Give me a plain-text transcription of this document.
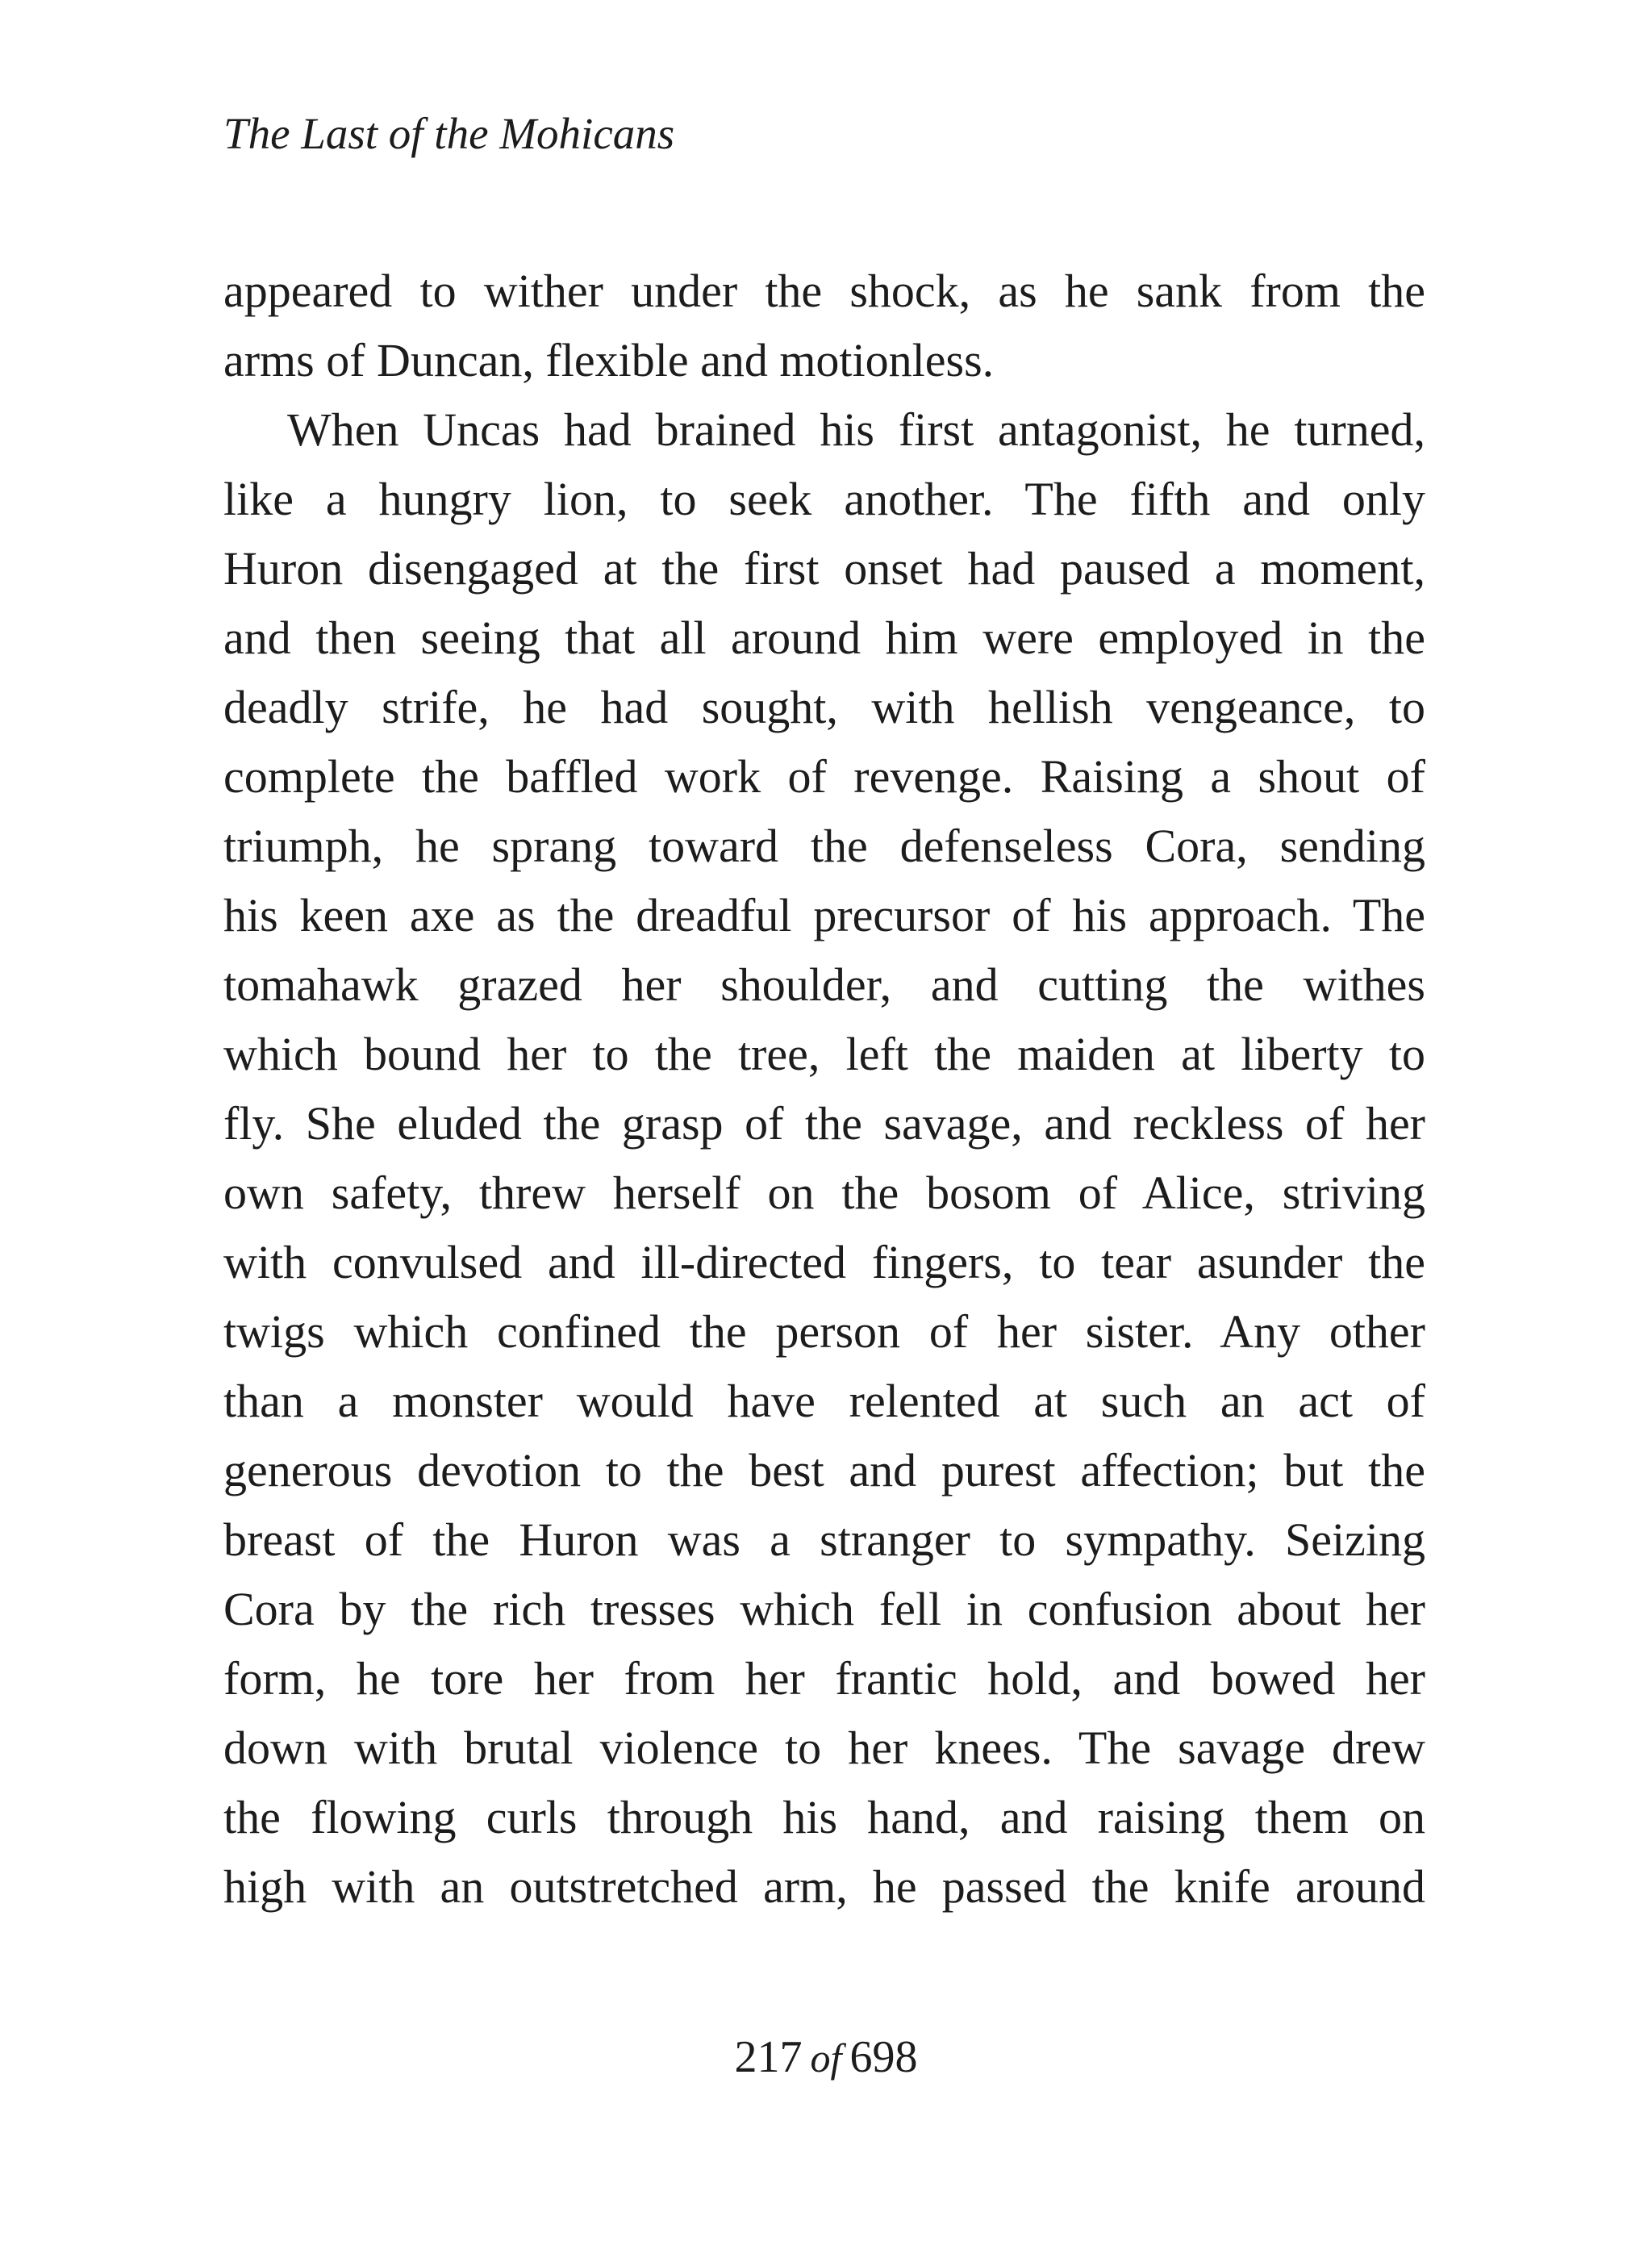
The Last of the Mohicans
appeared to wither under the shock, as he sank from the
arms of Duncan, flexible and motionless.
When Uncas had brained his first antagonist, he turned,
like a hungry lion, to seek another. The fifth and only
Huron disengaged at the first onset had paused a moment,
and then seeing that all around him were employed in the
deadly strife, he had sought, with hellish vengeance, to
complete the baffled work of revenge. Raising a shout of
triumph, he sprang toward the defenseless Cora, sending
his keen axe as the dreadful precursor of his approach. The
tomahawk grazed her shoulder, and cutting the withes
which bound her to the tree, left the maiden at liberty to
fly. She eluded the grasp of the savage, and reckless of her
own safety, threw herself on the bosom of Alice, striving
with convulsed and ill-directed fingers, to tear asunder the
twigs which confined the person of her sister. Any other
than a monster would have relented at such an act of
generous devotion to the best and purest affection; but the
breast of the Huron was a stranger to sympathy. Seizing
Cora by the rich tresses which fell in confusion about her
form, he tore her from her frantic hold, and bowed her
down with brutal violence to her knees. The savage drew
the flowing curls through his hand, and raising them on
high with an outstretched arm, he passed the knife around
217 of 698
